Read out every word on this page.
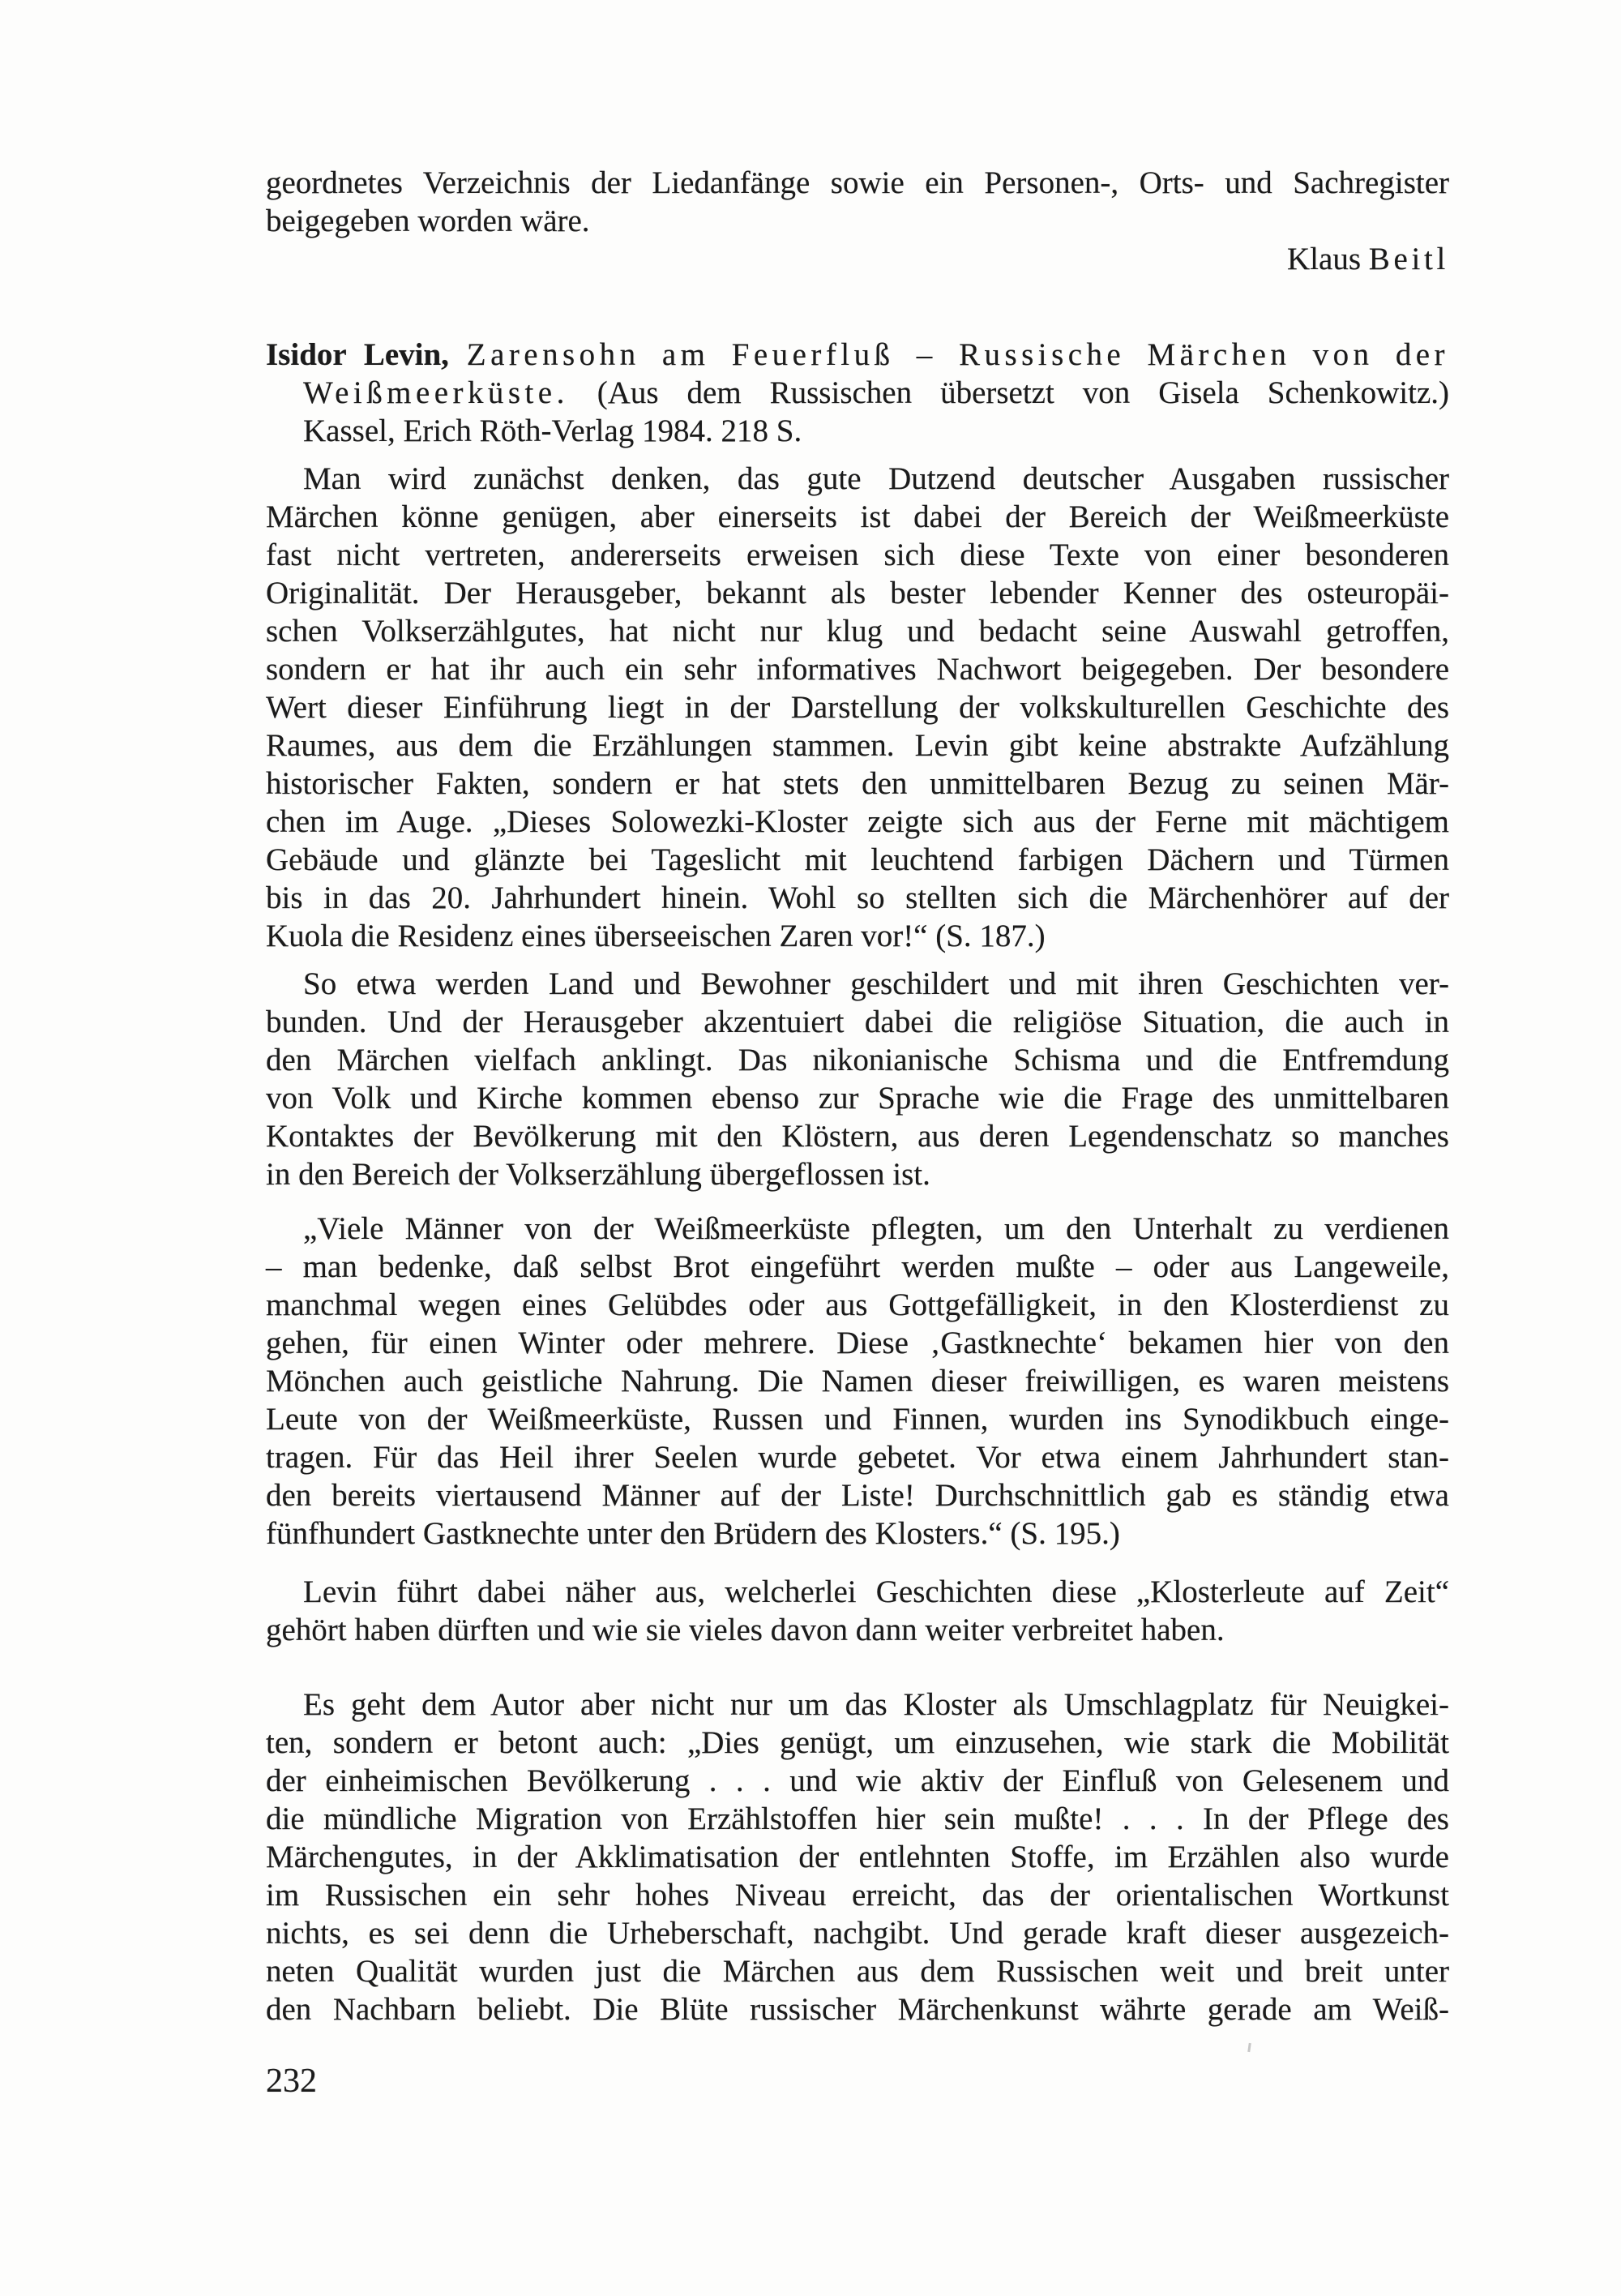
geordnetes Verzeichnis der Liedanfänge sowie ein Personen-, Orts- und Sachregister
beigegeben worden wäre.
Klaus Beitl
Isidor Levin, Zarensohn am Feuerfluß – Russische Märchen von der
Weißmeerküste. (Aus dem Russischen übersetzt von Gisela Schenkowitz.)
Kassel, Erich Röth-Verlag 1984. 218 S.
Man wird zunächst denken, das gute Dutzend deutscher Ausgaben russischer
Märchen könne genügen, aber einerseits ist dabei der Bereich der Weißmeerküste
fast nicht vertreten, andererseits erweisen sich diese Texte von einer besonderen
Originalität. Der Herausgeber, bekannt als bester lebender Kenner des osteuropäi-
schen Volkserzählgutes, hat nicht nur klug und bedacht seine Auswahl getroffen,
sondern er hat ihr auch ein sehr informatives Nachwort beigegeben. Der besondere
Wert dieser Einführung liegt in der Darstellung der volkskulturellen Geschichte des
Raumes, aus dem die Erzählungen stammen. Levin gibt keine abstrakte Aufzählung
historischer Fakten, sondern er hat stets den unmittelbaren Bezug zu seinen Mär-
chen im Auge. „Dieses Solowezki-Kloster zeigte sich aus der Ferne mit mächtigem
Gebäude und glänzte bei Tageslicht mit leuchtend farbigen Dächern und Türmen
bis in das 20. Jahrhundert hinein. Wohl so stellten sich die Märchenhörer auf der
Kuola die Residenz eines überseeischen Zaren vor!“ (S. 187.)
So etwa werden Land und Bewohner geschildert und mit ihren Geschichten ver-
bunden. Und der Herausgeber akzentuiert dabei die religiöse Situation, die auch in
den Märchen vielfach anklingt. Das nikonianische Schisma und die Entfremdung
von Volk und Kirche kommen ebenso zur Sprache wie die Frage des unmittelbaren
Kontaktes der Bevölkerung mit den Klöstern, aus deren Legendenschatz so manches
in den Bereich der Volkserzählung übergeflossen ist.
„Viele Männer von der Weißmeerküste pflegten, um den Unterhalt zu verdienen
– man bedenke, daß selbst Brot eingeführt werden mußte – oder aus Langeweile,
manchmal wegen eines Gelübdes oder aus Gottgefälligkeit, in den Klosterdienst zu
gehen, für einen Winter oder mehrere. Diese ‚Gastknechte‘ bekamen hier von den
Mönchen auch geistliche Nahrung. Die Namen dieser freiwilligen, es waren meistens
Leute von der Weißmeerküste, Russen und Finnen, wurden ins Synodikbuch einge-
tragen. Für das Heil ihrer Seelen wurde gebetet. Vor etwa einem Jahrhundert stan-
den bereits viertausend Männer auf der Liste! Durchschnittlich gab es ständig etwa
fünfhundert Gastknechte unter den Brüdern des Klosters.“ (S. 195.)
Levin führt dabei näher aus, welcherlei Geschichten diese „Klosterleute auf Zeit“
gehört haben dürften und wie sie vieles davon dann weiter verbreitet haben.
Es geht dem Autor aber nicht nur um das Kloster als Umschlagplatz für Neuigkei-
ten, sondern er betont auch: „Dies genügt, um einzusehen, wie stark die Mobilität
der einheimischen Bevölkerung . . . und wie aktiv der Einfluß von Gelesenem und
die mündliche Migration von Erzählstoffen hier sein mußte! . . . In der Pflege des
Märchengutes, in der Akklimatisation der entlehnten Stoffe, im Erzählen also wurde
im Russischen ein sehr hohes Niveau erreicht, das der orientalischen Wortkunst
nichts, es sei denn die Urheberschaft, nachgibt. Und gerade kraft dieser ausgezeich-
neten Qualität wurden just die Märchen aus dem Russischen weit und breit unter
den Nachbarn beliebt. Die Blüte russischer Märchenkunst währte gerade am Weiß-
232
